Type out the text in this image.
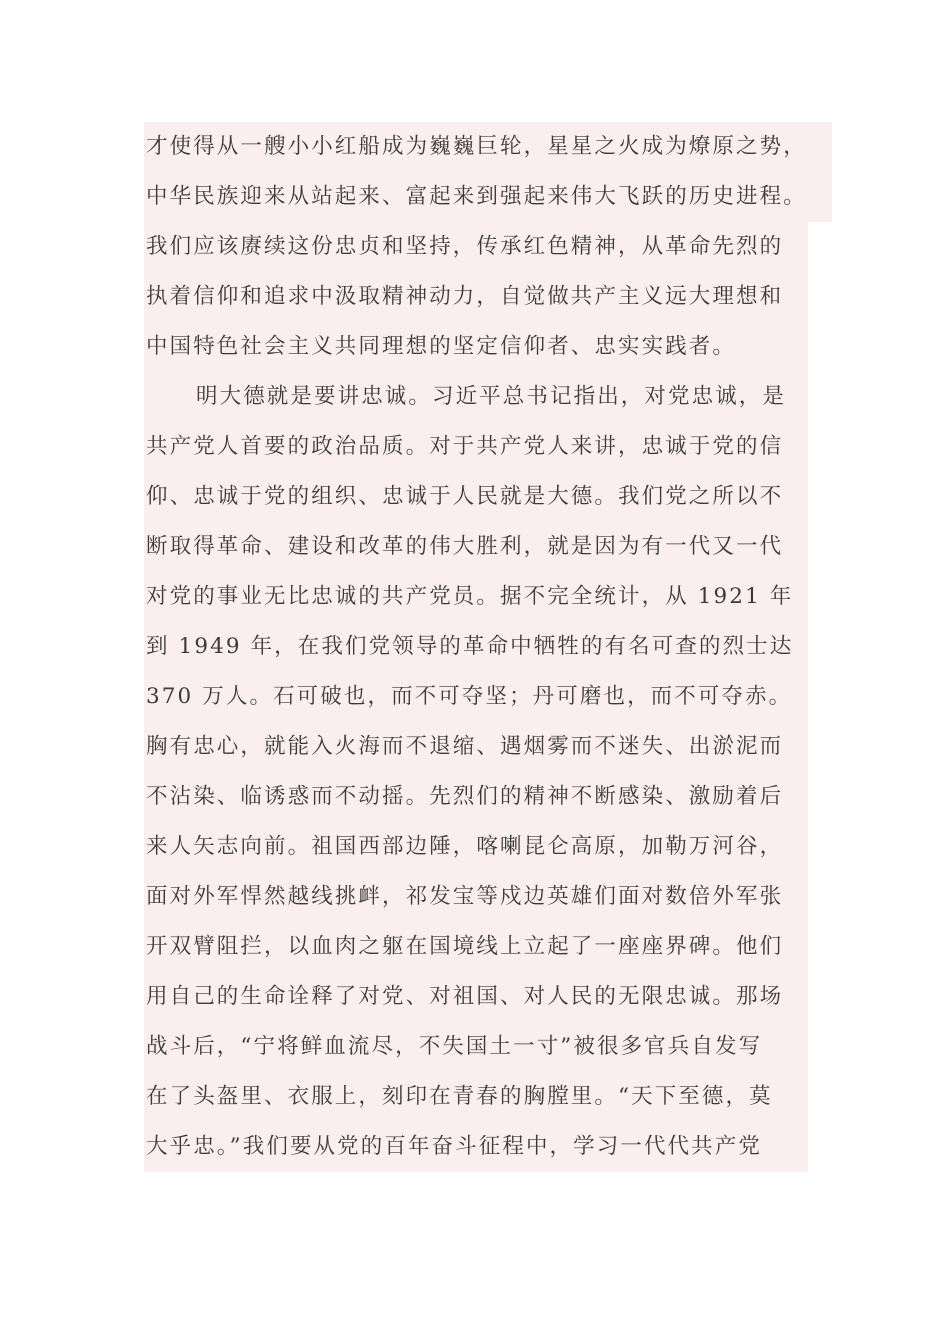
才使得从一艘小小红船成为巍巍巨轮，星星之火成为燎原之势，
中华民族迎来从站起来、富起来到强起来伟大飞跃的历史进程。
我们应该赓续这份忠贞和坚持，传承红色精神，从革命先烈的
执着信仰和追求中汲取精神动力，自觉做共产主义远大理想和
中国特色社会主义共同理想的坚定信仰者、忠实实践者。
明大德就是要讲忠诚。习近平总书记指出，对党忠诚，是
共产党人首要的政治品质。对于共产党人来讲，忠诚于党的信
仰、忠诚于党的组织、忠诚于人民就是大德。我们党之所以不
断取得革命、建设和改革的伟大胜利，就是因为有一代又一代
对党的事业无比忠诚的共产党员。据不完全统计，从 1921 年
到 1949 年，在我们党领导的革命中牺牲的有名可查的烈士达
370 万人。石可破也，而不可夺坚；丹可磨也，而不可夺赤。
胸有忠心，就能入火海而不退缩、遇烟雾而不迷失、出淤泥而
不沾染、临诱惑而不动摇。先烈们的精神不断感染、激励着后
来人矢志向前。祖国西部边陲，喀喇昆仑高原，加勒万河谷，
面对外军悍然越线挑衅，祁发宝等戍边英雄们面对数倍外军张
开双臂阻拦，以血肉之躯在国境线上立起了一座座界碑。他们
用自己的生命诠释了对党、对祖国、对人民的无限忠诚。那场
战斗后，“宁将鲜血流尽，不失国土一寸”被很多官兵自发写
在了头盔里、衣服上，刻印在青春的胸膛里。“天下至德，莫
大乎忠。”我们要从党的百年奋斗征程中，学习一代代共产党
